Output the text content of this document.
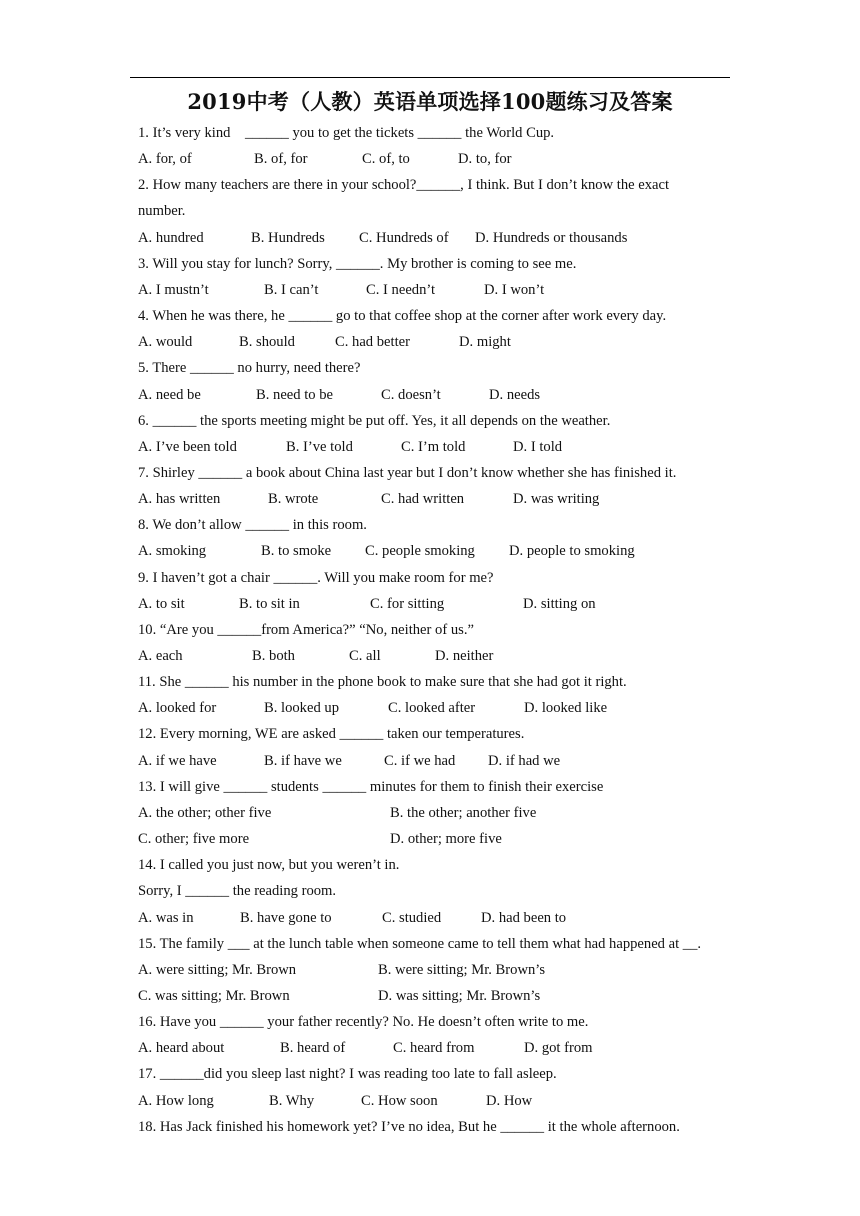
2019中考（人教）英语单项选择100题练习及答案
1. It’s very kind　______ you to get the tickets ______ the World Cup.
A. for, of	B. of, for	C. of, to	D. to, for
2. How many teachers are there in your school?______, I think. But I don’t know the exact
number.
A. hundred	B. Hundreds C. Hundreds of D. Hundreds or thousands
3. Will you stay for lunch? Sorry, ______. My brother is coming to see me.
A. I mustn’t	B. I can’t	C. I needn’t	D. I won’t
4. When he was there, he ______ go to that coffee shop at the corner after work every day.
A. would	B. should	C. had better	D. might
5. There ______ no hurry, need there?
A. need be	B. need to be	C. doesn’t	D. needs
6. ______ the sports meeting might be put off. Yes, it all depends on the weather.
A. I’ve been told	B. I’ve told	C. I’m told	D. I told
7. Shirley ______ a book about China last year but I don’t know whether she has finished it.
A. has written	B. wrote	C. had written	D. was writing
8. We don’t allow ______ in this room.
A. smoking	B. to smoke C. people smoking D. people to smoking
9. I haven’t got a chair ______. Will you make room for me?
A. to sit	B. to sit in	C. for sitting	D. sitting on
10. “Are you ______from America?” “No, neither of us.”
A. each	B. both	C. all	D. neither
11. She ______ his number in the phone book to make sure that she had got it right.
A. looked for	B. looked up	C. looked after	D. looked like
12. Every morning, WE are asked ______ taken our temperatures.
A. if we have	B. if have we	C. if we had D. if had we
13. I will give ______ students ______ minutes for them to finish their exercise
A. the other; other five	B. the other; another five
C. other; five more	D. other; more five
14. I called you just now, but you weren’t in.
Sorry, I ______ the reading room.
A. was in	B. have gone to	C. studied	D. had been to
15. The family ___ at the lunch table when someone came to tell them what had happened at __.
A. were sitting; Mr. Brown	B. were sitting; Mr. Brown’s
C. was sitting; Mr. Brown	D. was sitting; Mr. Brown’s
16. Have you ______ your father recently? No. He doesn’t often write to me.
A. heard about	B. heard of	C. heard from	D. got from
17. ______did you sleep last night? I was reading too late to fall asleep.
A. How long	B. Why	C. How soon	D. How
18. Has Jack finished his homework yet? I’ve no idea, But he ______ it the whole afternoon.
